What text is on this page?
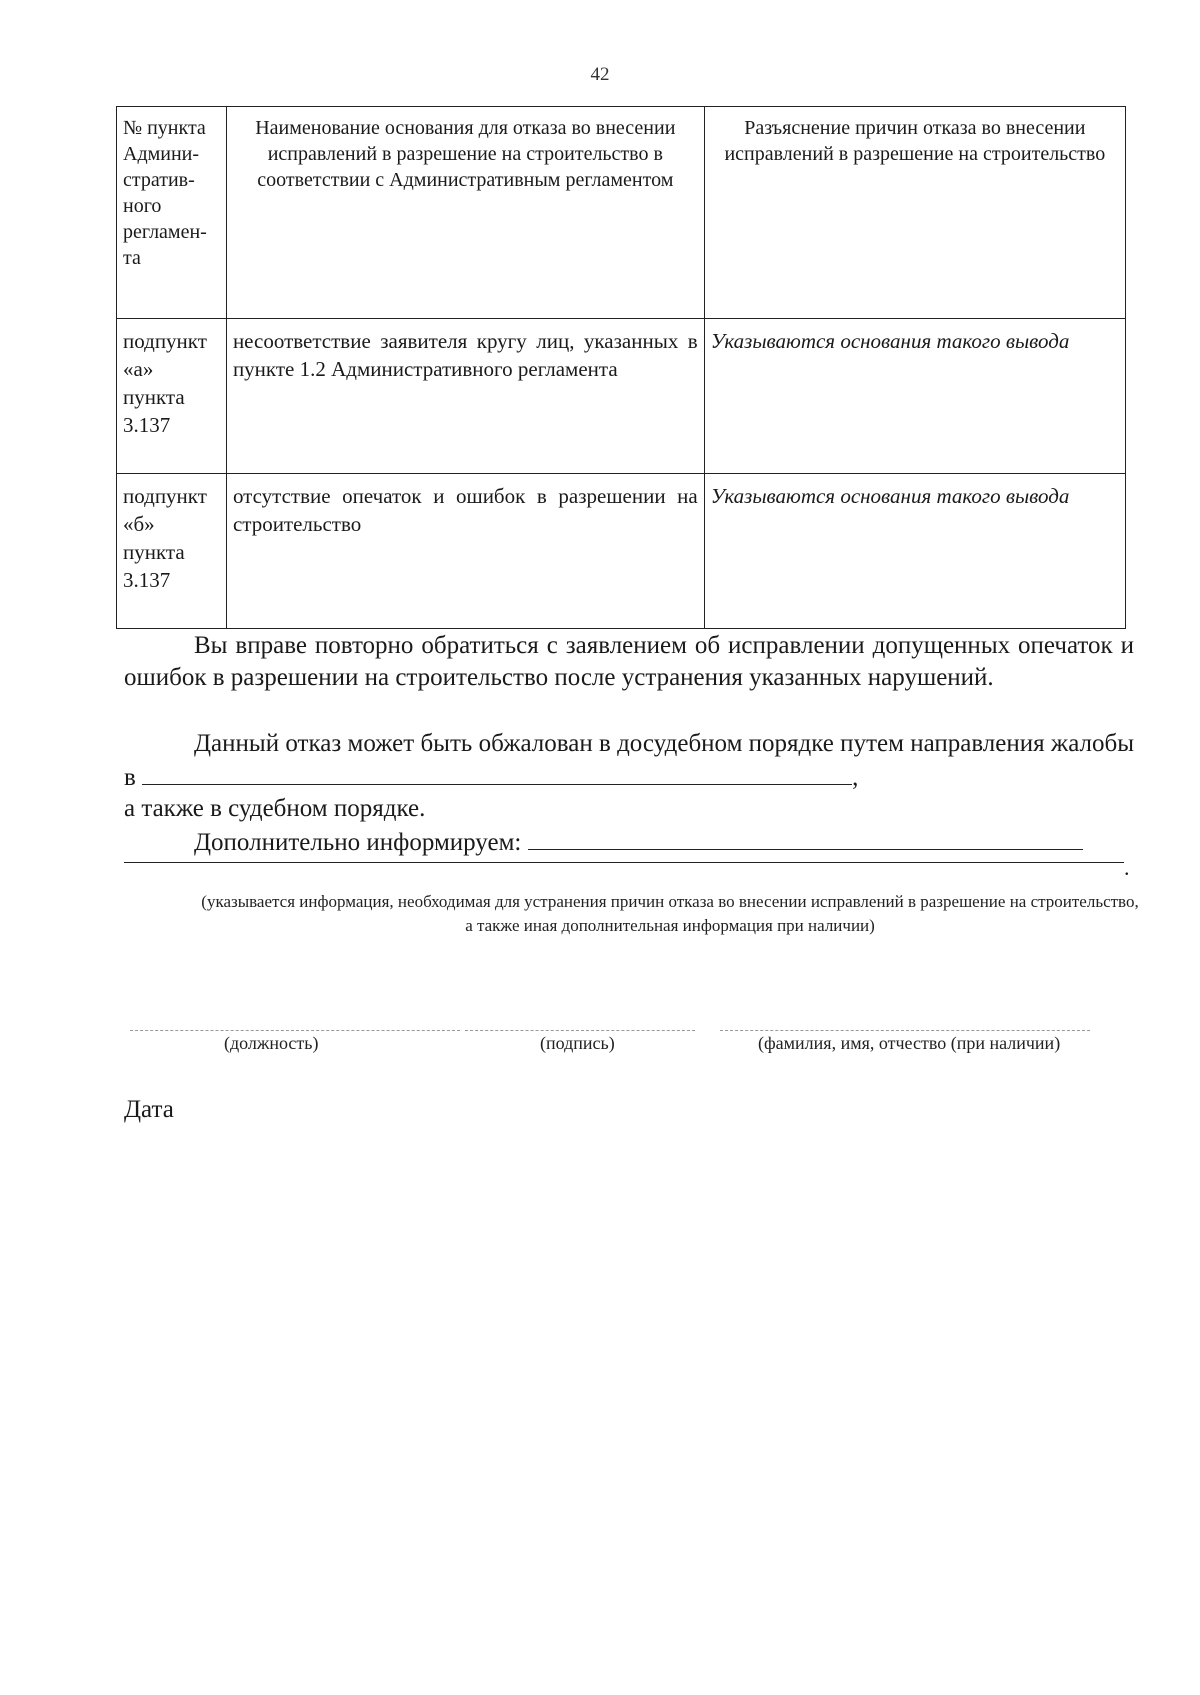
42
№ пункта Админи-стратив-ного регламен-та	Наименование основания для отказа во внесении исправлений в разрешение на строительство в соответствии с Административным регламентом	Разъяснение причин отказа во внесении исправлений в разрешение на строительство
подпункт «а» пункта 3.137	несоответствие заявителя кругу лиц, указанных в пункте 1.2 Административного регламента	Указываются основания такого вывода
подпункт «б» пункта 3.137	отсутствие опечаток и ошибок в разрешении на строительство	Указываются основания такого вывода

Вы вправе повторно обратиться с заявлением об исправлении допущенных опечаток и ошибок в разрешении на строительство после устранения указанных нарушений.

Данный отказ может быть обжалован в досудебном порядке путем направления жалобы в	,

а также в судебном порядке.

Дополнительно информируем:

.
(указывается информация, необходимая для устранения причин отказа во внесении исправлений в разрешение на строительство, а также иная дополнительная информация при наличии)
(должность)	(подпись)	(фамилия, имя, отчество (при наличии)
Дата
